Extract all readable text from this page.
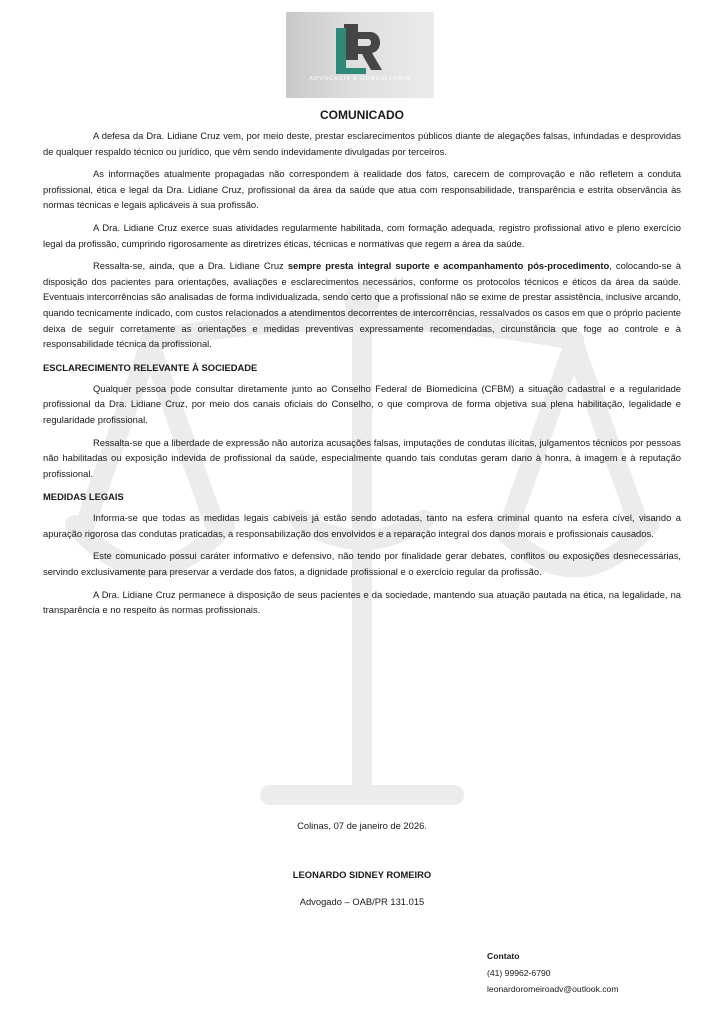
ADVOCACIA E CONSULTORIA
COMUNICADO

A defesa da Dra. Lidiane Cruz vem, por meio deste, prestar esclarecimentos públicos diante de alegações falsas, infundadas e desprovidas de qualquer respaldo técnico ou jurídico, que vêm sendo indevidamente divulgadas por terceiros.

As informações atualmente propagadas não correspondem à realidade dos fatos, carecem de comprovação e não refletem a conduta profissional, ética e legal da Dra. Lidiane Cruz, profissional da área da saúde que atua com responsabilidade, transparência e estrita observância às normas técnicas e legais aplicáveis à sua profissão.

A Dra. Lidiane Cruz exerce suas atividades regularmente habilitada, com formação adequada, registro profissional ativo e pleno exercício legal da profissão, cumprindo rigorosamente as diretrizes éticas, técnicas e normativas que regem a área da saúde.

Ressalta-se, ainda, que a Dra. Lidiane Cruz sempre presta integral suporte e acompanhamento pós-procedimento, colocando-se à disposição dos pacientes para orientações, avaliações e esclarecimentos necessários, conforme os protocolos técnicos e éticos da área da saúde. Eventuais intercorrências são analisadas de forma individualizada, sendo certo que a profissional não se exime de prestar assistência, inclusive arcando, quando tecnicamente indicado, com custos relacionados a atendimentos decorrentes de intercorrências, ressalvados os casos em que o próprio paciente deixa de seguir corretamente as orientações e medidas preventivas expressamente recomendadas, circunstância que foge ao controle e à responsabilidade técnica da profissional.

ESCLARECIMENTO RELEVANTE À SOCIEDADE

Qualquer pessoa pode consultar diretamente junto ao Conselho Federal de Biomedicina (CFBM) a situação cadastral e a regularidade profissional da Dra. Lidiane Cruz, por meio dos canais oficiais do Conselho, o que comprova de forma objetiva sua plena habilitação, legalidade e regularidade profissional.

Ressalta-se que a liberdade de expressão não autoriza acusações falsas, imputações de condutas ilícitas, julgamentos técnicos por pessoas não habilitadas ou exposição indevida de profissional da saúde, especialmente quando tais condutas geram dano à honra, à imagem e à reputação profissional.

MEDIDAS LEGAIS

Informa-se que todas as medidas legais cabíveis já estão sendo adotadas, tanto na esfera criminal quanto na esfera cível, visando a apuração rigorosa das condutas praticadas, a responsabilização dos envolvidos e a reparação integral dos danos morais e profissionais causados.

Este comunicado possui caráter informativo e defensivo, não tendo por finalidade gerar debates, conflitos ou exposições desnecessárias, servindo exclusivamente para preservar a verdade dos fatos, a dignidade profissional e o exercício regular da profissão.

A Dra. Lidiane Cruz permanece à disposição de seus pacientes e da sociedade, mantendo sua atuação pautada na ética, na legalidade, na transparência e no respeito às normas profissionais.

Colinas, 07 de janeiro de 2026.
LEONARDO SIDNEY ROMEIRO
Advogado – OAB/PR 131.015
Contato
(41) 99962-6790
leonardoromeiroadv@outlook.com
